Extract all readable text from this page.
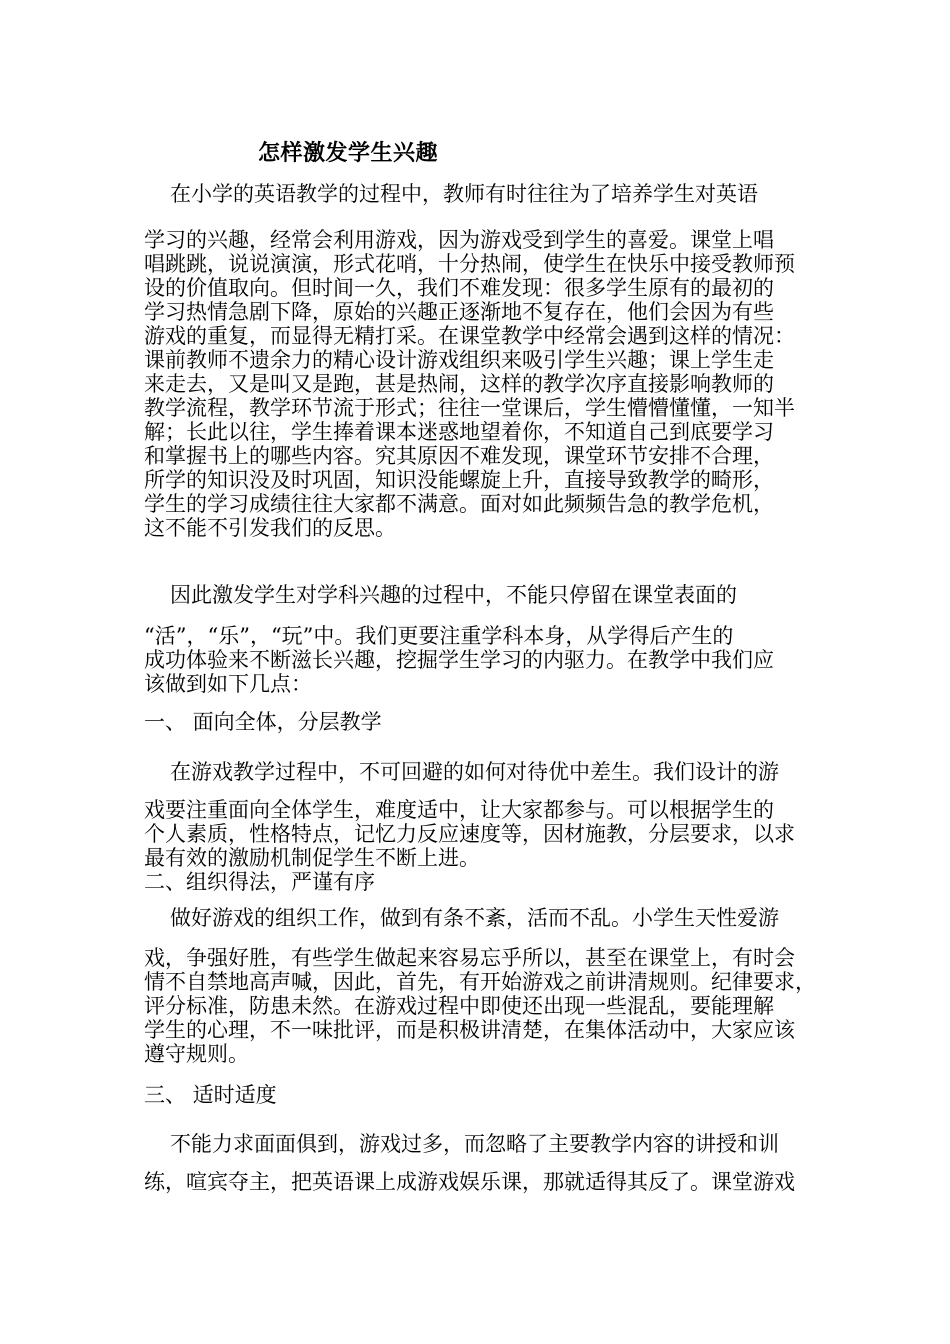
怎样激发学生兴趣
在小学的英语教学的过程中，教师有时往往为了培养学生对英语
学习的兴趣，经常会利用游戏，因为游戏受到学生的喜爱。课堂上唱
唱跳跳，说说演演，形式花哨，十分热闹，使学生在快乐中接受教师预
设的价值取向。但时间一久，我们不难发现：很多学生原有的最初的
学习热情急剧下降，原始的兴趣正逐渐地不复存在，他们会因为有些
游戏的重复，而显得无精打采。在课堂教学中经常会遇到这样的情况：
课前教师不遗余力的精心设计游戏组织来吸引学生兴趣；课上学生走
来走去，又是叫又是跑，甚是热闹，这样的教学次序直接影响教师的
教学流程，教学环节流于形式；往往一堂课后，学生懵懵懂懂，一知半
解；长此以往，学生捧着课本迷惑地望着你，不知道自己到底要学习
和掌握书上的哪些内容。究其原因不难发现，课堂环节安排不合理，
所学的知识没及时巩固，知识没能螺旋上升，直接导致教学的畸形，
学生的学习成绩往往大家都不满意。面对如此频频告急的教学危机，
这不能不引发我们的反思。
因此激发学生对学科兴趣的过程中，不能只停留在课堂表面的
“活”，“乐”，“玩”中。我们更要注重学科本身，从学得后产生的
成功体验来不断滋长兴趣，挖掘学生学习的内驱力。在教学中我们应
该做到如下几点：
一、 面向全体，分层教学
在游戏教学过程中，不可回避的如何对待优中差生。我们设计的游
戏要注重面向全体学生，难度适中，让大家都参与。可以根据学生的
个人素质，性格特点，记忆力反应速度等，因材施教，分层要求，以求
最有效的激励机制促学生不断上进。
二、组织得法，严谨有序
做好游戏的组织工作，做到有条不紊，活而不乱。小学生天性爱游
戏，争强好胜，有些学生做起来容易忘乎所以，甚至在课堂上，有时会
情不自禁地高声喊，因此，首先，有开始游戏之前讲清规则。纪律要求，
评分标准，防患未然。在游戏过程中即使还出现一些混乱，要能理解
学生的心理，不一味批评，而是积极讲清楚，在集体活动中，大家应该
遵守规则。
三、 适时适度
不能力求面面俱到，游戏过多，而忽略了主要教学内容的讲授和训
练，喧宾夺主，把英语课上成游戏娱乐课，那就适得其反了。课堂游戏
